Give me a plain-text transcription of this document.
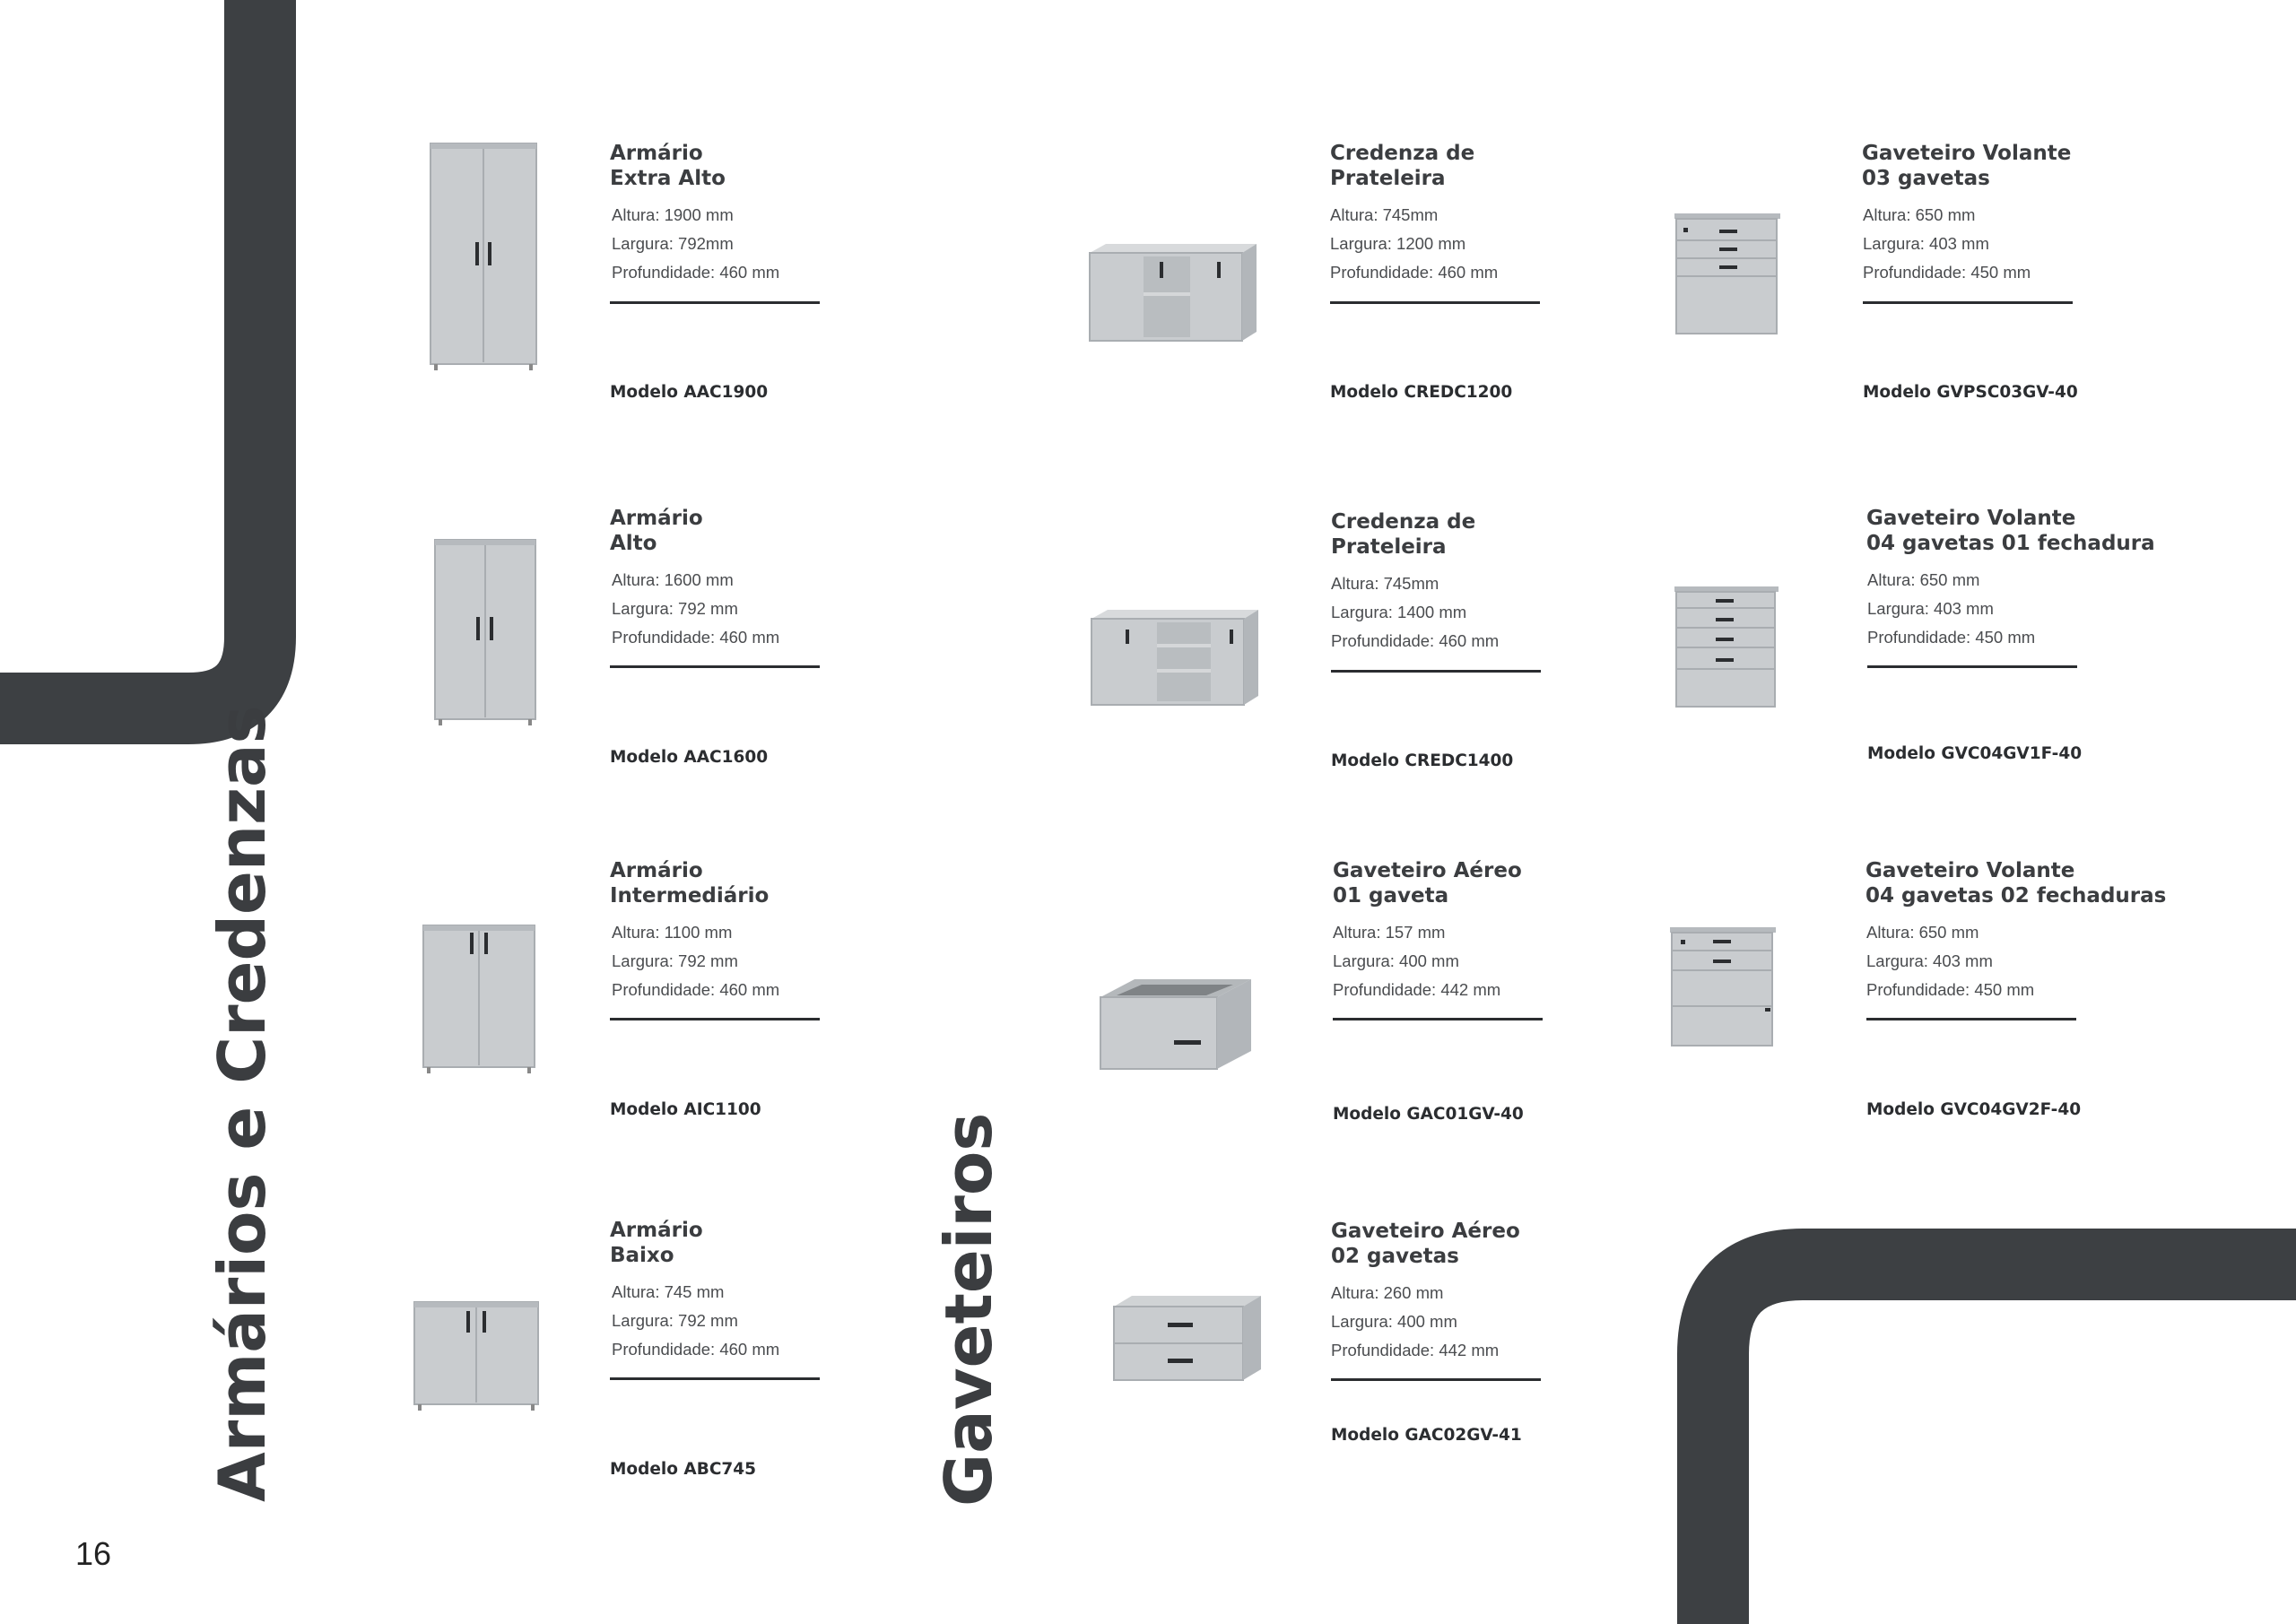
Armários e Credenzas	Gaveteiros
16
Armário
Extra Alto
Altura: 1900 mm
Largura: 792mm
Profundidade: 460 mm
Modelo AAC1900
Armário
Alto
Altura: 1600 mm
Largura: 792 mm
Profundidade: 460 mm
Modelo AAC1600
Armário
Intermediário
Altura: 1100 mm
Largura: 792 mm
Profundidade: 460 mm
Modelo AIC1100
Armário
Baixo
Altura: 745 mm
Largura: 792 mm
Profundidade: 460 mm
Modelo ABC745
Credenza de
Prateleira
Altura: 745mm
Largura: 1200 mm
Profundidade: 460 mm
Modelo CREDC1200
Credenza de
Prateleira
Altura: 745mm
Largura: 1400 mm
Profundidade: 460 mm
Modelo CREDC1400
Gaveteiro Aéreo
01 gaveta
Altura: 157 mm
Largura: 400 mm
Profundidade: 442 mm
Modelo GAC01GV-40
Gaveteiro Aéreo
02 gavetas
Altura: 260 mm
Largura: 400 mm
Profundidade: 442 mm
Modelo GAC02GV-41
Gaveteiro Volante
03 gavetas
Altura: 650 mm
Largura: 403 mm
Profundidade: 450 mm
Modelo GVPSC03GV-40
Gaveteiro Volante
04 gavetas 01 fechadura
Altura: 650 mm
Largura: 403 mm
Profundidade: 450 mm
Modelo GVC04GV1F-40
Gaveteiro Volante
04 gavetas 02 fechaduras
Altura: 650 mm
Largura: 403 mm
Profundidade: 450 mm
Modelo GVC04GV2F-40
